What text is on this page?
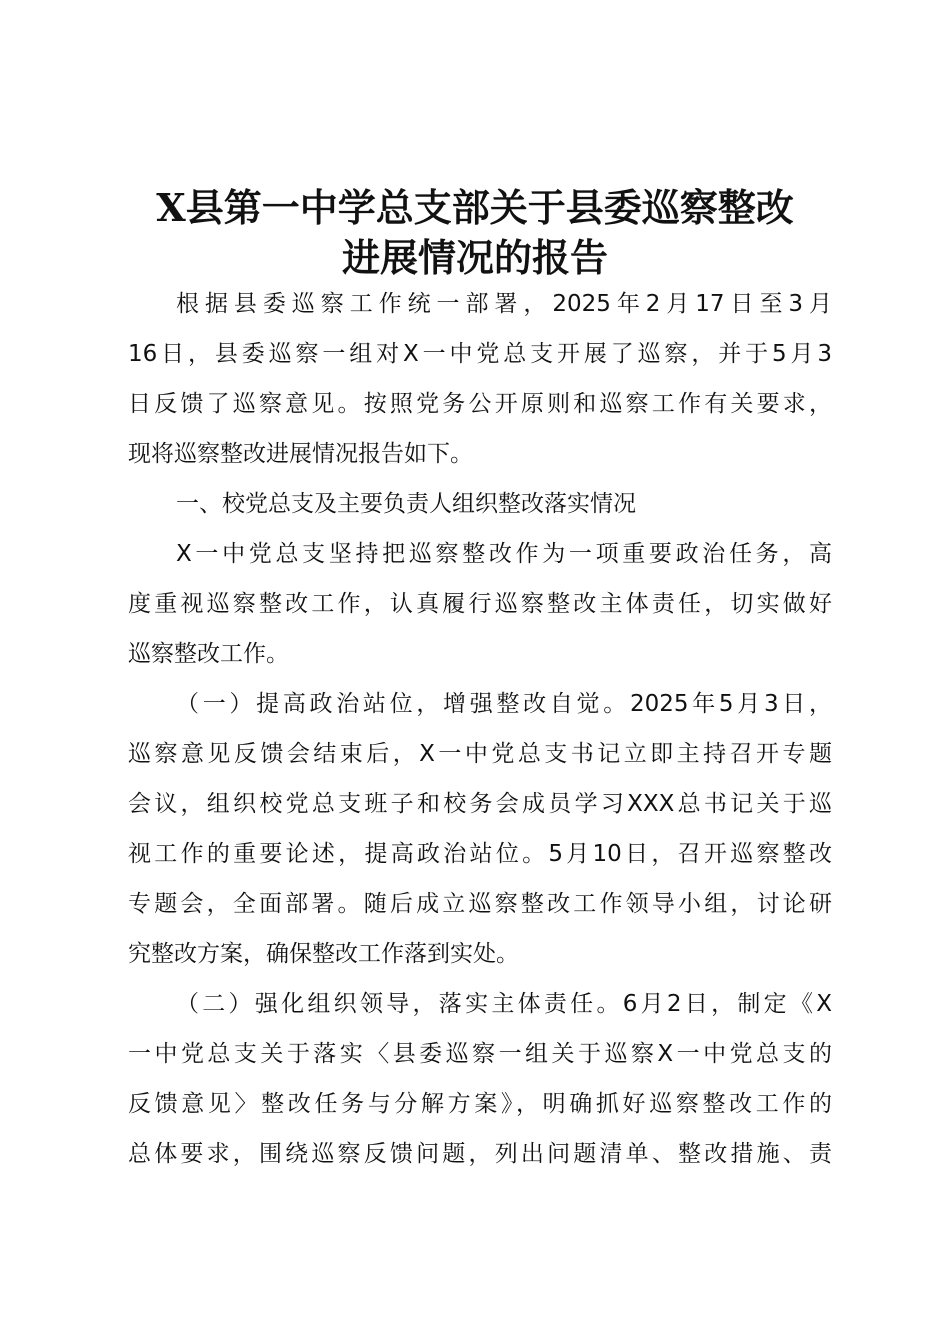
X县第一中学总支部关于县委巡察整改
进展情况的报告
根据县委巡察工作统一部署，2025年2月17日至3月
16日，县委巡察一组对X一中党总支开展了巡察，并于5月3
日反馈了巡察意见。按照党务公开原则和巡察工作有关要求，
现将巡察整改进展情况报告如下。
一、校党总支及主要负责人组织整改落实情况
X一中党总支坚持把巡察整改作为一项重要政治任务，高
度重视巡察整改工作，认真履行巡察整改主体责任，切实做好
巡察整改工作。
（一）提高政治站位，增强整改自觉。2025年5月3日，
巡察意见反馈会结束后，X一中党总支书记立即主持召开专题
会议，组织校党总支班子和校务会成员学习XXX总书记关于巡
视工作的重要论述，提高政治站位。5月10日，召开巡察整改
专题会，全面部署。随后成立巡察整改工作领导小组，讨论研
究整改方案，确保整改工作落到实处。
（二）强化组织领导，落实主体责任。6月2日，制定《X
一中党总支关于落实〈县委巡察一组关于巡察X一中党总支的
反馈意见〉整改任务与分解方案》，明确抓好巡察整改工作的
总体要求，围绕巡察反馈问题，列出问题清单、整改措施、责
